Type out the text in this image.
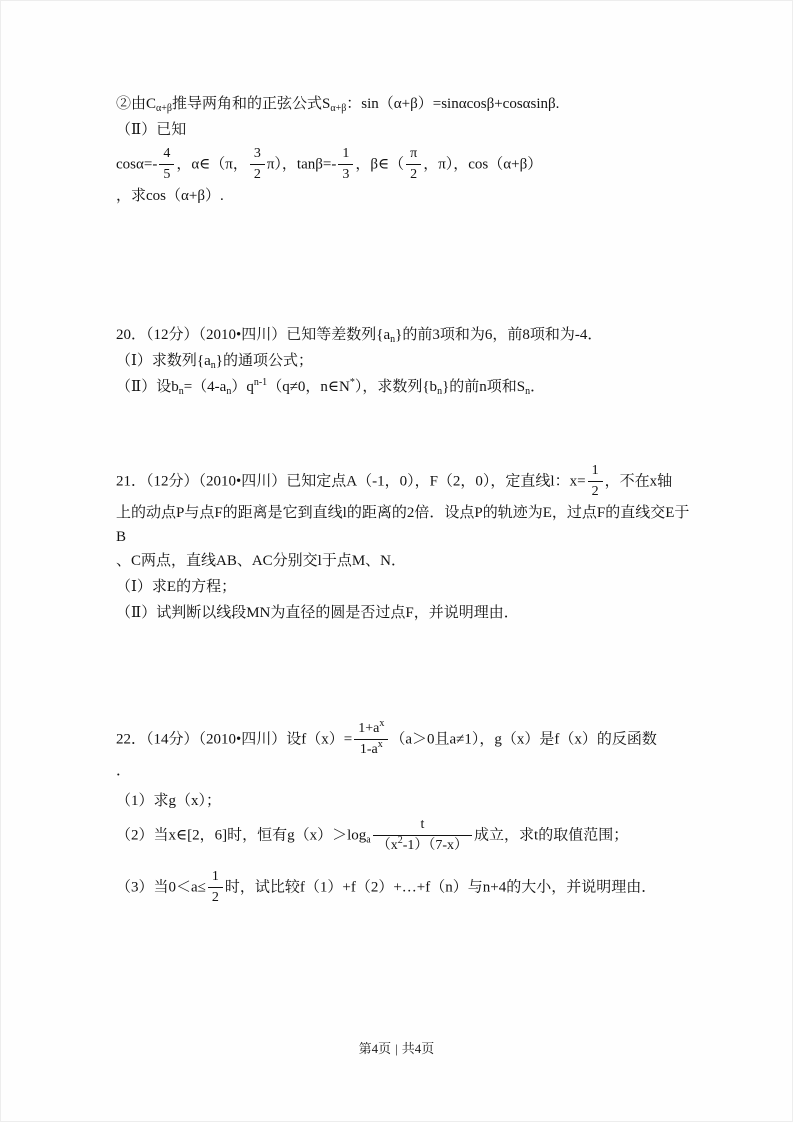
②由$C_{\alpha+\beta}$推导两角和的正弦公式$S_{\alpha+\beta}$：sin（α+β）=sinαcosβ+cosαsinβ.
（Ⅱ）已知
$\cos\alpha=- \frac{4}{5}$ ，α∈（π， $\frac{3}{2} \pi$），$\tan\beta=- \frac{1}{3}$ ，β∈（ $\frac{\pi}{2}$ ，π），cos（α+β）
，求cos（α+β）.
20．（12分）（2010•四川）已知等差数列$\{a_n\}$的前3项和为6，前8项和为-4．
（Ⅰ）求数列$\{a_n\}$的通项公式；
（Ⅱ）设$b_n=(4-a_n)q^{n-1}(q\ne 0$，n∈N*），求数列$\{b_n\}$的前n项和$S_n$．
21．（12分）（2010•四川）已知定点A（-1，0），F（2，0），定直线l：$x= \frac{1}{2}$ ，不在x轴
上的动点P与点F的距离是它到直线l的距离的2倍．设点P的轨迹为E，过点F的直线交E于B
、C两点，直线AB、AC分别交l于点M、N．
（Ⅰ）求E的方程；
（Ⅱ）试判断以线段MN为直径的圆是否过点F，并说明理由．
22．（14分）（2010•四川）设$f(x)= \frac{1+a^x}{1-a^x} (a>0$且a≠1），g（x）是f（x）的反函数
．
（1）求g（x）；
（2）当x∈[2，6]时，恒有$g(x)>\log_a \frac{t}{(x^2-1)(7-x)}$ 成立，求t的取值范围；
（3）当$0<a\le \frac{1}{2}$ 时，试比较f（1）+f（2）+…+f（n）与n+4的大小，并说明理由．
第4页 | 共4页
